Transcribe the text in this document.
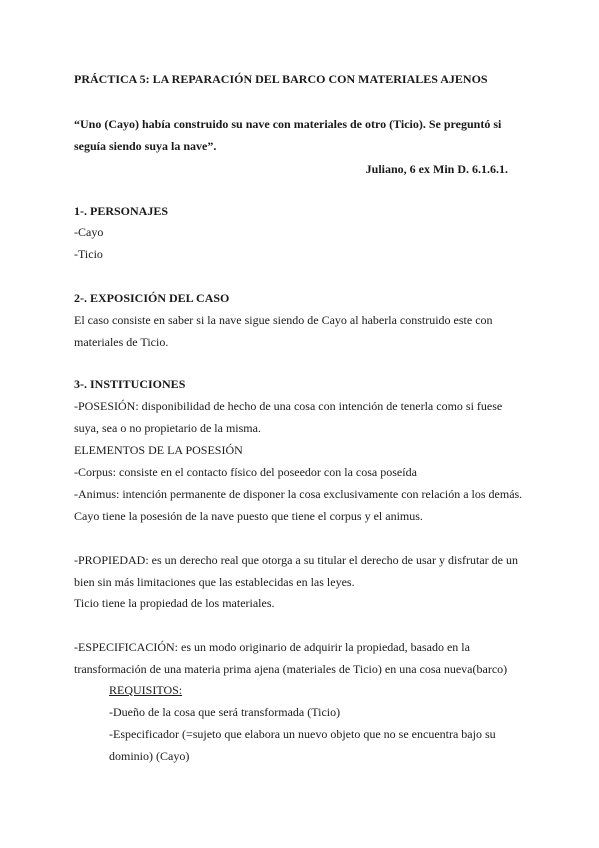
PRÁCTICA 5: LA REPARACIÓN DEL BARCO CON MATERIALES AJENOS
“Uno (Cayo) había construido su nave con materiales de otro (Ticio). Se preguntó si
seguía siendo suya la nave”.
Juliano, 6 ex Min D. 6.1.6.1.
1-. PERSONAJES
-Cayo
-Ticio
2-. EXPOSICIÓN DEL CASO
El caso consiste en saber si la nave sigue siendo de Cayo al haberla construido este con
materiales de Ticio.
3-. INSTITUCIONES
-POSESIÓN: disponibilidad de hecho de una cosa con intención de tenerla como si fuese
suya, sea o no propietario de la misma.
ELEMENTOS DE LA POSESIÓN
-Corpus: consiste en el contacto físico del poseedor con la cosa poseída
-Animus: intención permanente de disponer la cosa exclusivamente con relación a los demás.
Cayo tiene la posesión de la nave puesto que tiene el corpus y el animus.
-PROPIEDAD: es un derecho real que otorga a su titular el derecho de usar y disfrutar de un
bien sin más limitaciones que las establecidas en las leyes.
Ticio tiene la propiedad de los materiales.
-ESPECIFICACIÓN: es un modo originario de adquirir la propiedad, basado en la
transformación de una materia prima ajena (materiales de Ticio) en una cosa nueva(barco)
REQUISITOS:
-Dueño de la cosa que será transformada (Ticio)
-Especificador (=sujeto que elabora un nuevo objeto que no se encuentra bajo su
dominio) (Cayo)
